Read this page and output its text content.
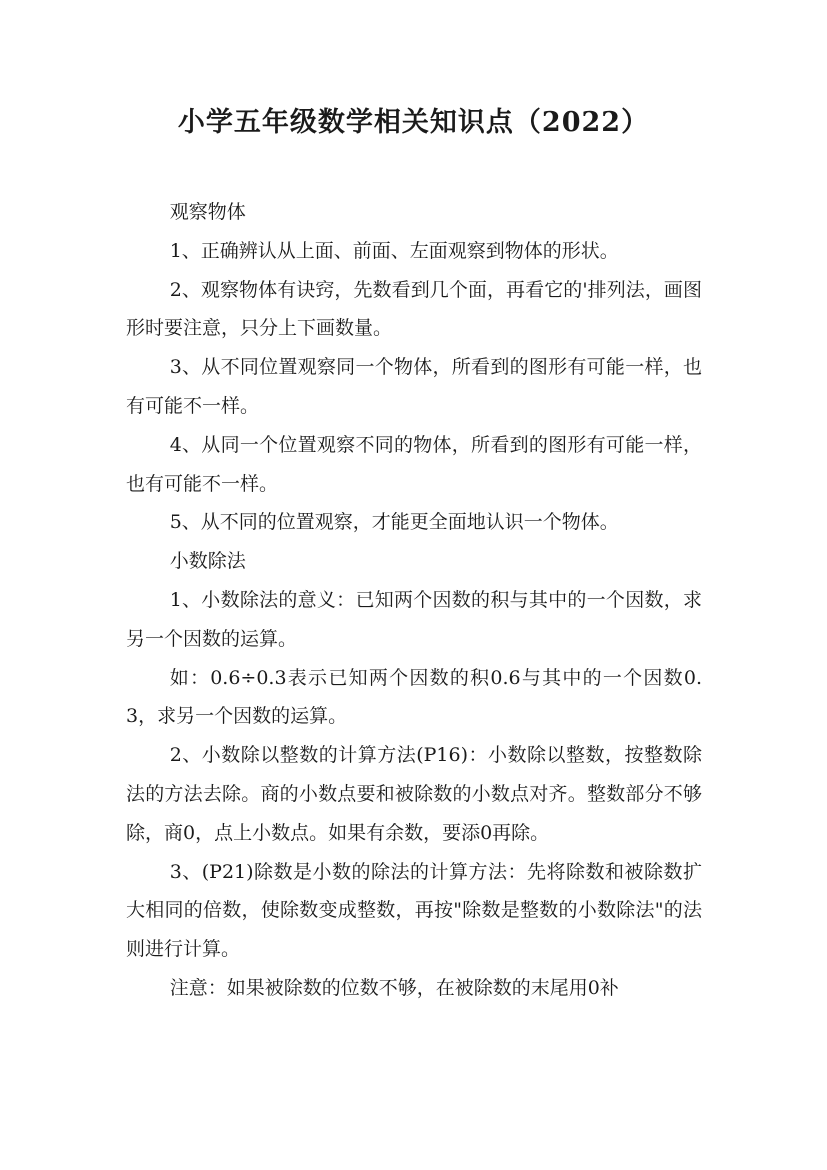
小学五年级数学相关知识点（2022）

观察物体

1、正确辨认从上面、前面、左面观察到物体的形状。

2、观察物体有诀窍，先数看到几个面，再看它的'排列法，画图形时要注意，只分上下画数量。

3、从不同位置观察同一个物体，所看到的图形有可能一样，也有可能不一样。

4、从同一个位置观察不同的物体，所看到的图形有可能一样，也有可能不一样。

5、从不同的位置观察，才能更全面地认识一个物体。

小数除法

1、小数除法的意义：已知两个因数的积与其中的一个因数，求另一个因数的运算。

如：0.6÷0.3表示已知两个因数的积0.6与其中的一个因数0.3，求另一个因数的运算。

2、小数除以整数的计算方法(P16)：小数除以整数，按整数除法的方法去除。商的小数点要和被除数的小数点对齐。整数部分不够除，商0，点上小数点。如果有余数，要添0再除。

3、(P21)除数是小数的除法的计算方法：先将除数和被除数扩大相同的倍数，使除数变成整数，再按"除数是整数的小数除法"的法则进行计算。

注意：如果被除数的位数不够，在被除数的末尾用0补
